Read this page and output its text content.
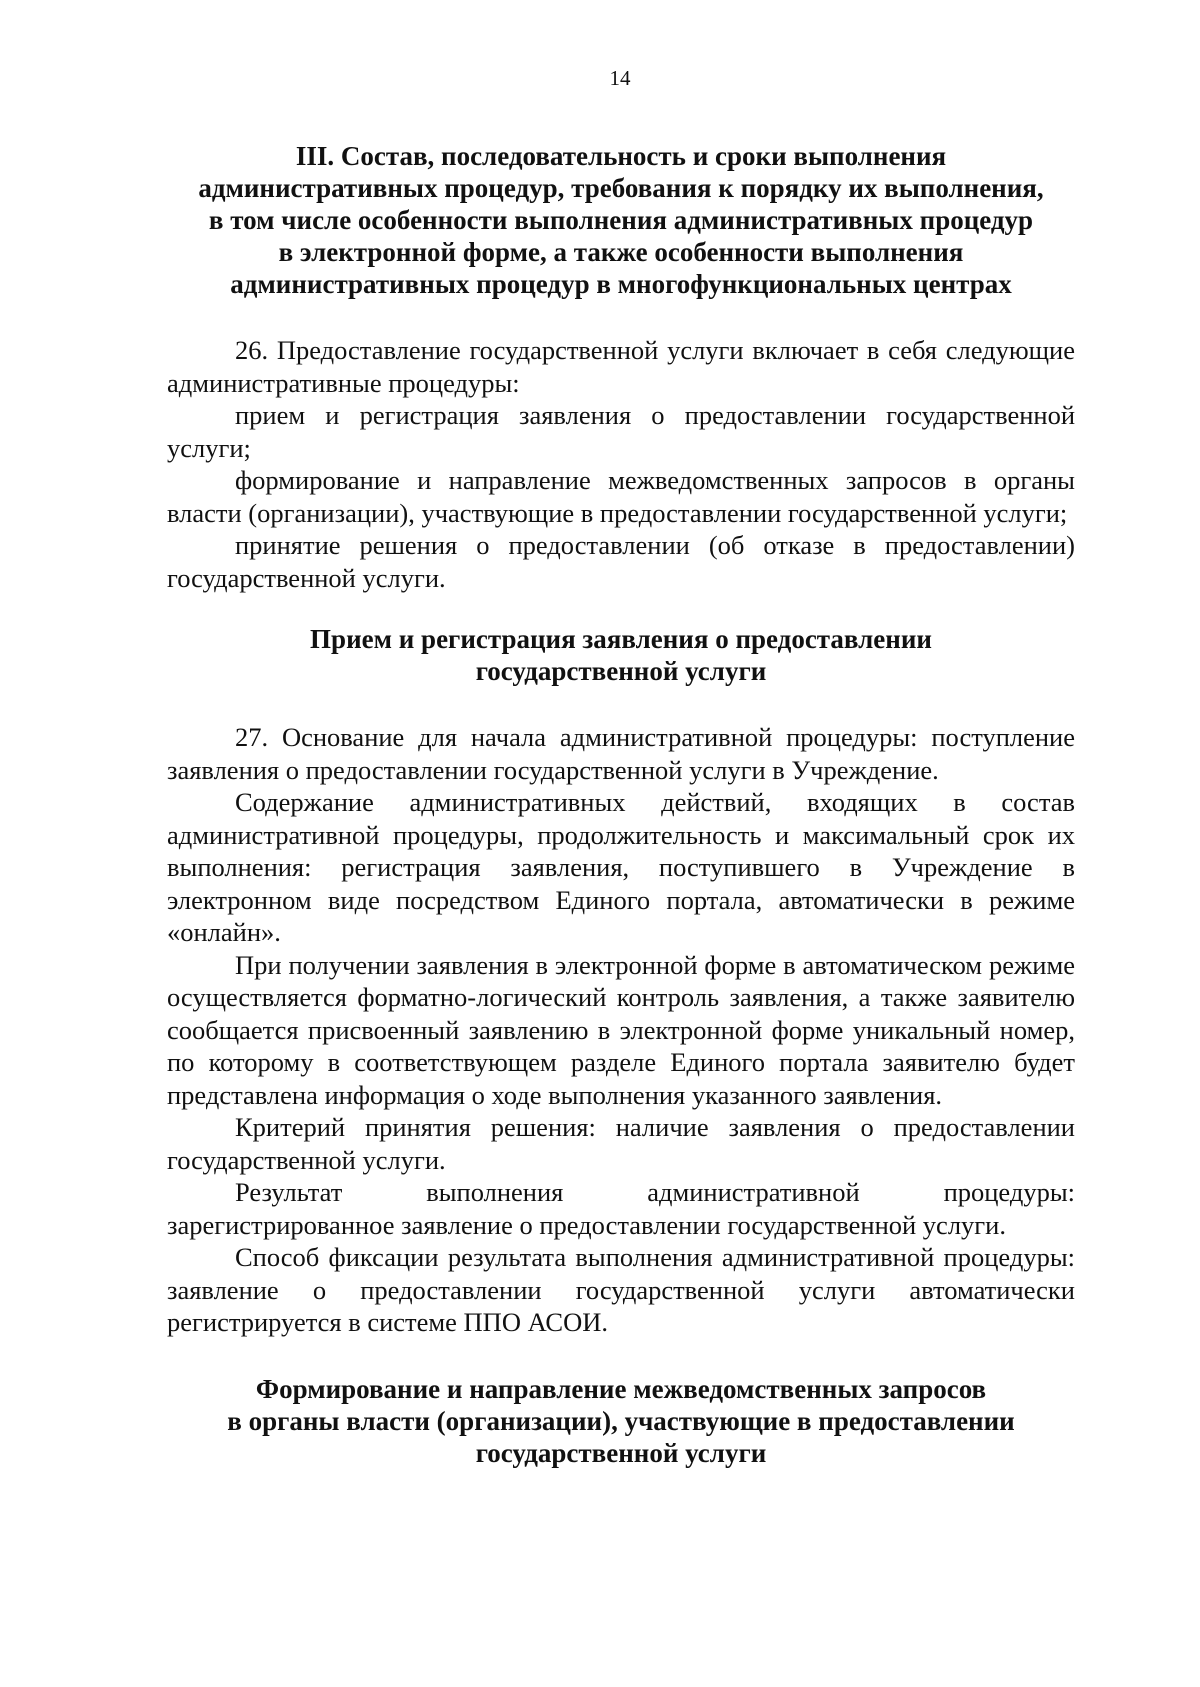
14
III. Состав, последовательность и сроки выполнения
административных процедур, требования к порядку их выполнения,
в том числе особенности выполнения административных процедур
в электронной форме, а также особенности выполнения
административных процедур в многофункциональных центрах

26. Предоставление государственной услуги включает в себя следующие административные процедуры:

прием и регистрация заявления о предоставлении государственной услуги;

формирование и направление межведомственных запросов в органы власти (организации), участвующие в предоставлении государственной услуги;

принятие решения о предоставлении (об отказе в предоставлении) государственной услуги.

Прием и регистрация заявления о предоставлении
государственной услуги

27. Основание для начала административной процедуры: поступление заявления о предоставлении государственной услуги в Учреждение.

Содержание административных действий, входящих в состав административной процедуры, продолжительность и максимальный срок их выполнения: регистрация заявления, поступившего в Учреждение в электронном виде посредством Единого портала, автоматически в режиме «онлайн».

При получении заявления в электронной форме в автоматическом режиме осуществляется форматно-логический контроль заявления, а также заявителю сообщается присвоенный заявлению в электронной форме уникальный номер, по которому в соответствующем разделе Единого портала заявителю будет представлена информация о ходе выполнения указанного заявления.

Критерий принятия решения: наличие заявления о предоставлении государственной услуги.

Результат выполнения административной процедуры: зарегистрированное заявление о предоставлении государственной услуги.

Способ фиксации результата выполнения административной процедуры: заявление о предоставлении государственной услуги автоматически регистрируется в системе ППО АСОИ.

Формирование и направление межведомственных запросов
в органы власти (организации), участвующие в предоставлении
государственной услуги
